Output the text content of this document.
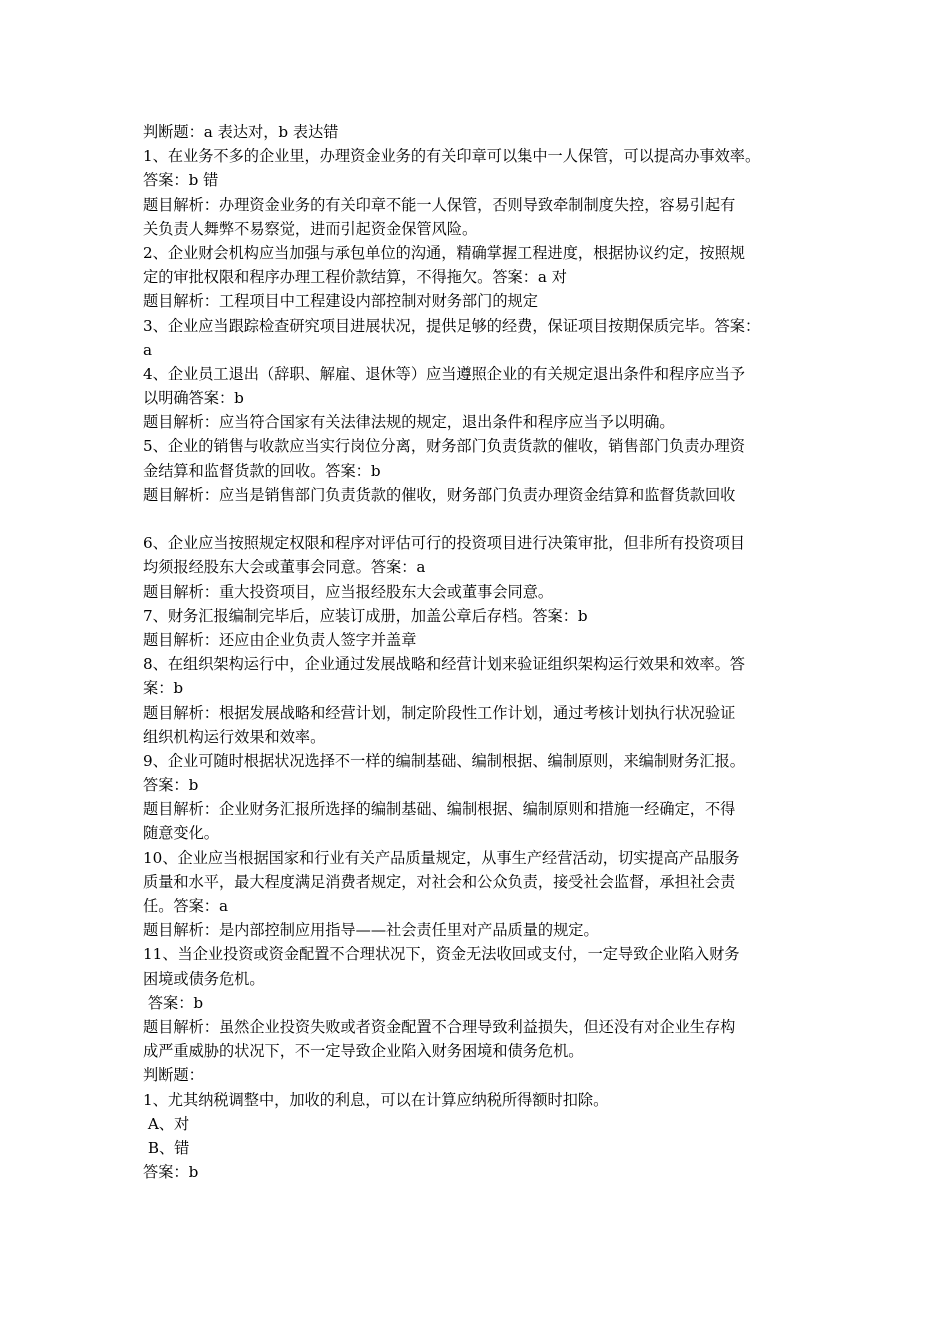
判断题：a 表达对，b 表达错
1、在业务不多的企业里，办理资金业务的有关印章可以集中一人保管，可以提高办事效率。
答案：b 错
题目解析：办理资金业务的有关印章不能一人保管，否则导致牵制制度失控，容易引起有
关负责人舞弊不易察觉，进而引起资金保管风险。
2、企业财会机构应当加强与承包单位的沟通，精确掌握工程进度，根据协议约定，按照规
定的审批权限和程序办理工程价款结算，不得拖欠。答案：a 对
题目解析：工程项目中工程建设内部控制对财务部门的规定
3、企业应当跟踪检查研究项目进展状况，提供足够的经费，保证项目按期保质完毕。答案：
a
4、企业员工退出（辞职、解雇、退休等）应当遵照企业的有关规定退出条件和程序应当予
以明确答案：b
题目解析：应当符合国家有关法律法规的规定，退出条件和程序应当予以明确。
5、企业的销售与收款应当实行岗位分离，财务部门负责货款的催收，销售部门负责办理资
金结算和监督货款的回收。答案：b
题目解析：应当是销售部门负责货款的催收，财务部门负责办理资金结算和监督货款回收
6、企业应当按照规定权限和程序对评估可行的投资项目进行决策审批，但非所有投资项目
均须报经股东大会或董事会同意。答案：a
题目解析：重大投资项目，应当报经股东大会或董事会同意。
7、财务汇报编制完毕后，应装订成册，加盖公章后存档。答案：b
题目解析：还应由企业负责人签字并盖章
8、在组织架构运行中，企业通过发展战略和经营计划来验证组织架构运行效果和效率。答
案：b
题目解析：根据发展战略和经营计划，制定阶段性工作计划，通过考核计划执行状况验证
组织机构运行效果和效率。
9、企业可随时根据状况选择不一样的编制基础、编制根据、编制原则，来编制财务汇报。
答案：b
题目解析：企业财务汇报所选择的编制基础、编制根据、编制原则和措施一经确定，不得
随意变化。
10、企业应当根据国家和行业有关产品质量规定，从事生产经营活动，切实提高产品服务
质量和水平，最大程度满足消费者规定，对社会和公众负责，接受社会监督，承担社会责
任。答案：a
题目解析：是内部控制应用指导——社会责任里对产品质量的规定。
11、当企业投资或资金配置不合理状况下，资金无法收回或支付，一定导致企业陷入财务
困境或债务危机。
答案：b
题目解析：虽然企业投资失败或者资金配置不合理导致利益损失，但还没有对企业生存构
成严重威胁的状况下，不一定导致企业陷入财务困境和债务危机。
判断题：
1、尤其纳税调整中，加收的利息，可以在计算应纳税所得额时扣除。
A、对
B、错
答案：b
